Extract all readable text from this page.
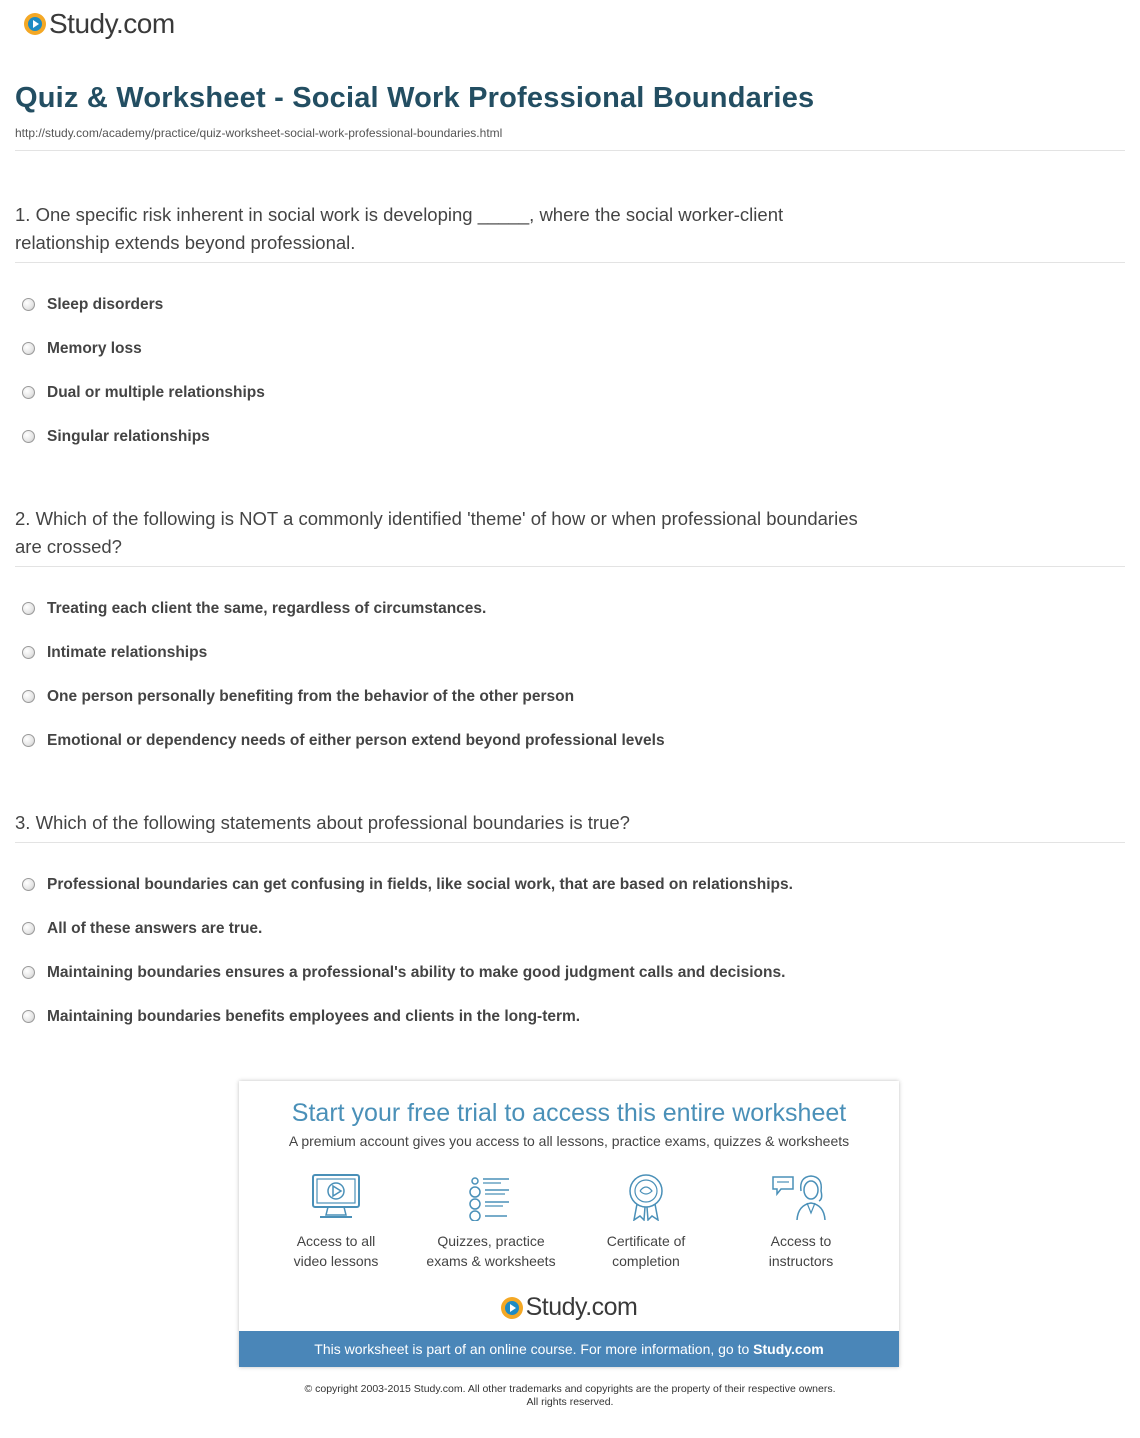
Study.com
Quiz & Worksheet - Social Work Professional Boundaries
http://study.com/academy/practice/quiz-worksheet-social-work-professional-boundaries.html
1. One specific risk inherent in social work is developing _____, where the social worker-client relationship extends beyond professional.
Sleep disorders
Memory loss
Dual or multiple relationships
Singular relationships
2. Which of the following is NOT a commonly identified 'theme' of how or when professional boundaries are crossed?
Treating each client the same, regardless of circumstances.
Intimate relationships
One person personally benefiting from the behavior of the other person
Emotional or dependency needs of either person extend beyond professional levels
3. Which of the following statements about professional boundaries is true?
Professional boundaries can get confusing in fields, like social work, that are based on relationships.
All of these answers are true.
Maintaining boundaries ensures a professional's ability to make good judgment calls and decisions.
Maintaining boundaries benefits employees and clients in the long-term.
Start your free trial to access this entire worksheet
A premium account gives you access to all lessons, practice exams, quizzes & worksheets
Access to all
video lessons
Quizzes, practice
exams & worksheets
Certificate of
completion
Access to
instructors
Study.com
This worksheet is part of an online course. For more information, go to Study.com
© copyright 2003-2015 Study.com. All other trademarks and copyrights are the property of their respective owners.
All rights reserved.
